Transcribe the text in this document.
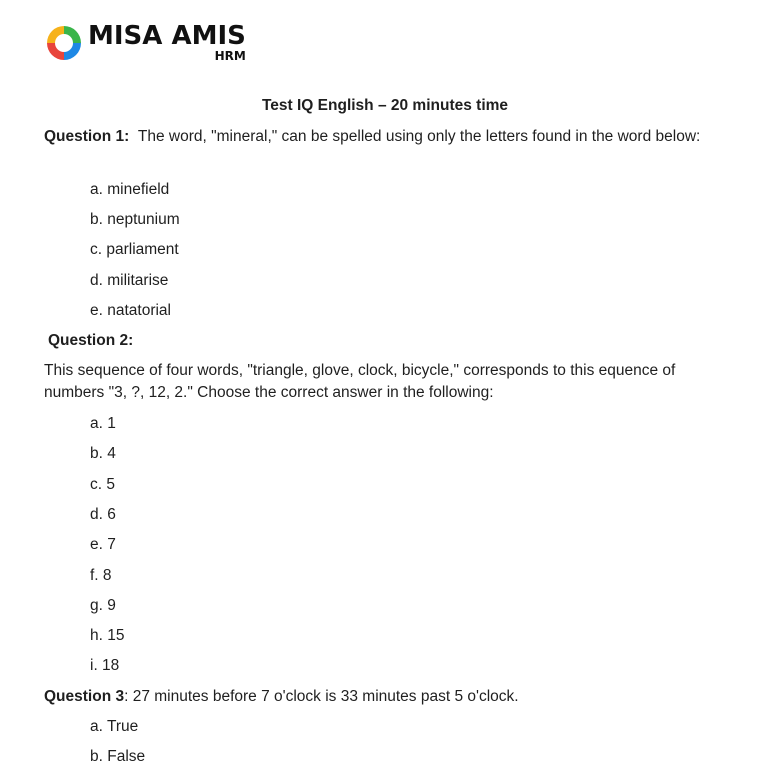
MISA AMIS
HRM
Test IQ English – 20 minutes time
Question 1: The word, "mineral," can be spelled using only the letters found in the word below:
a. minefield
b. neptunium
c. parliament
d. militarise
e. natatorial
Question 2:
This sequence of four words, "triangle, glove, clock, bicycle," corresponds to this equence of numbers "3, ?, 12, 2." Choose the correct answer in the following:
a. 1
b. 4
c. 5
d. 6
e. 7
f. 8
g. 9
h. 15
i. 18
Question 3: 27 minutes before 7 o'clock is 33 minutes past 5 o'clock.
a. True
b. False
